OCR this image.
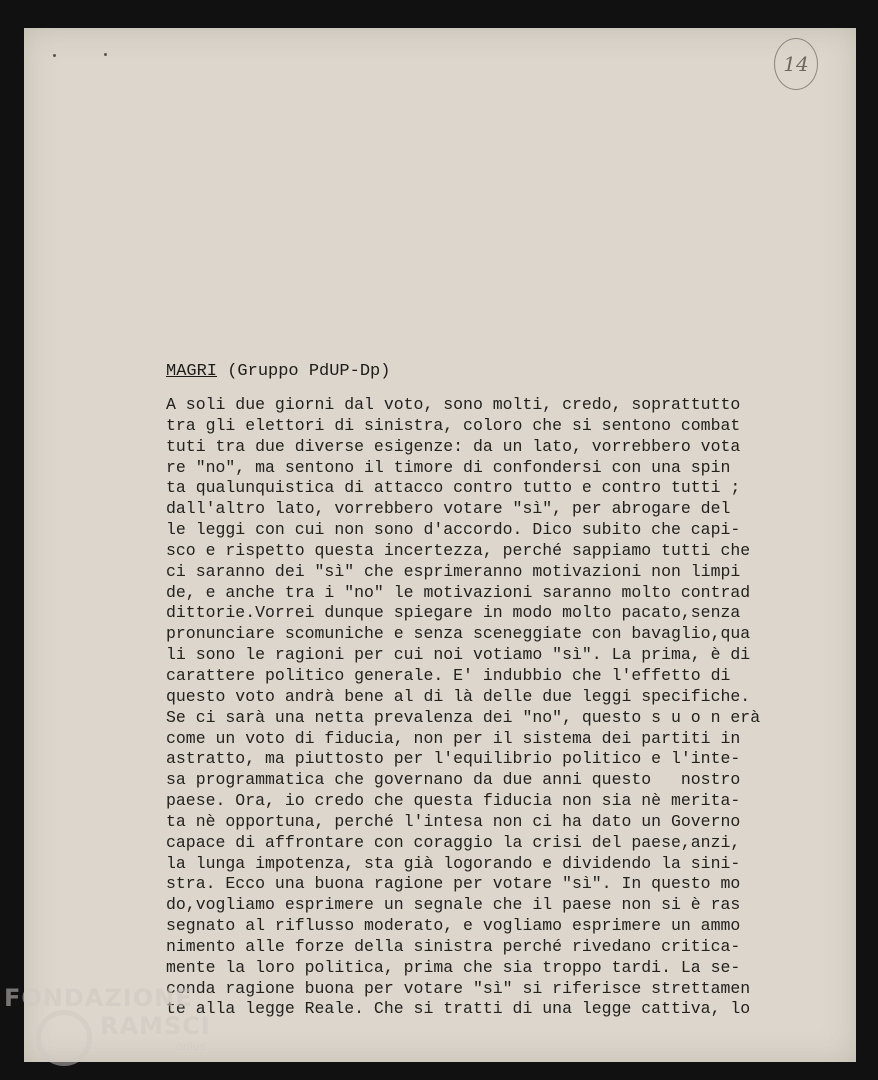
14
MAGRI (Gruppo PdUP-Dp)
A soli due giorni dal voto, sono molti, credo, soprattutto
tra gli elettori di sinistra, coloro che si sentono combat
tuti tra due diverse esigenze: da un lato, vorrebbero vota
re "no", ma sentono il timore di confondersi con una spin
ta qualunquistica di attacco contro tutto e contro tutti ;
dall'altro lato, vorrebbero votare "sì", per abrogare del
le leggi con cui non sono d'accordo. Dico subito che capi-
sco e rispetto questa incertezza, perché sappiamo tutti che
ci saranno dei "sì" che esprimeranno motivazioni non limpi
de, e anche tra i "no" le motivazioni saranno molto contrad
dittorie.Vorrei dunque spiegare in modo molto pacato,senza
pronunciare scomuniche e senza sceneggiate con bavaglio,qua
li sono le ragioni per cui noi votiamo "sì". La prima, è di
carattere politico generale. E' indubbio che l'effetto di
questo voto andrà bene al di là delle due leggi specifiche.
Se ci sarà una netta prevalenza dei "no", questo s u o n erà
come un voto di fiducia, non per il sistema dei partiti in
astratto, ma piuttosto per l'equilibrio politico e l'inte-
sa programmatica che governano da due anni questo   nostro
paese. Ora, io credo che questa fiducia non sia nè merita-
ta nè opportuna, perché l'intesa non ci ha dato un Governo
capace di affrontare con coraggio la crisi del paese,anzi,
la lunga impotenza, sta già logorando e dividendo la sini-
stra. Ecco una buona ragione per votare "sì". In questo mo
do,vogliamo esprimere un segnale che il paese non si è ras
segnato al riflusso moderato, e vogliamo esprimere un ammo
nimento alle forze della sinistra perché rivedano critica-
mente la loro politica, prima che sia troppo tardi. La se-
conda ragione buona per votare "sì" si riferisce strettamen
te alla legge Reale. Che si tratti di una legge cattiva, lo
FONDAZIONE
RAMSCI
onlus
